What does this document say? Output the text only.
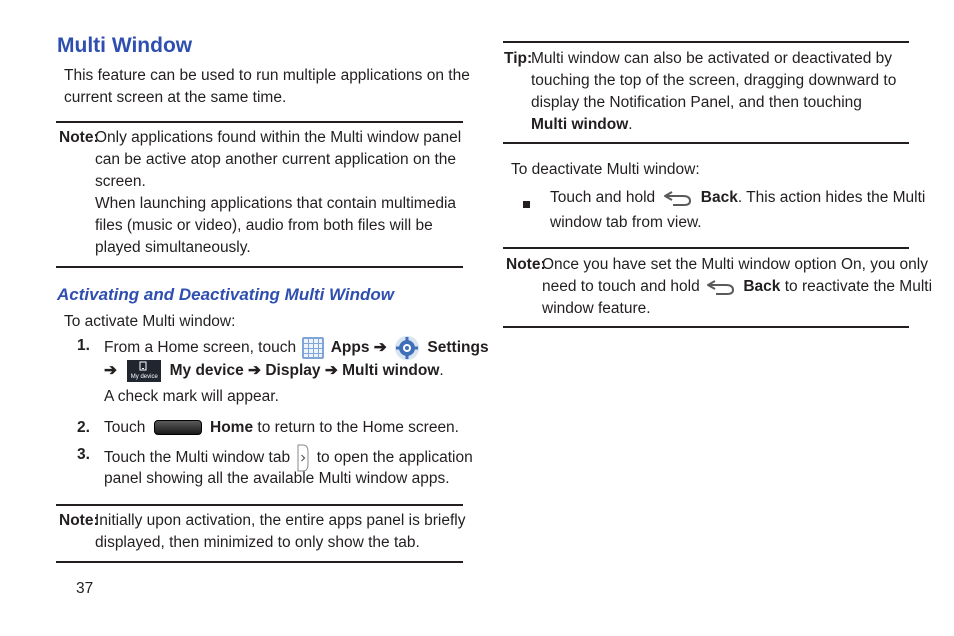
Multi Window
This feature can be used to run multiple applications on the
current screen at the same time.
Note:
Only applications found within the Multi window panel
can be active atop another current application on the
screen.
When launching applications that contain multimedia
files (music or video), audio from both files will be
played simultaneously.
Activating and Deactivating Multi Window
To activate Multi window:
1. From a Home screen, touch Apps ➔	Settings
➔	My device My device ➔ Display ➔ Multi window.
A check mark will appear.
2. Touch	Home to return to the Home screen.
3. Touch the Multi window tab to open the application
panel showing all the available Multi window apps.
Note:
Initially upon activation, the entire apps panel is briefly
displayed, then minimized to only show the tab.
37
Tip:
Multi window can also be activated or deactivated by
touching the top of the screen, dragging downward to
display the Notification Panel, and then touching
Multi window.
To deactivate Multi window:
Touch and hold	Back. This action hides the Multi
window tab from view.
Note:
Once you have set the Multi window option On, you only
need to touch and hold	Back to reactivate the Multi
window feature.
